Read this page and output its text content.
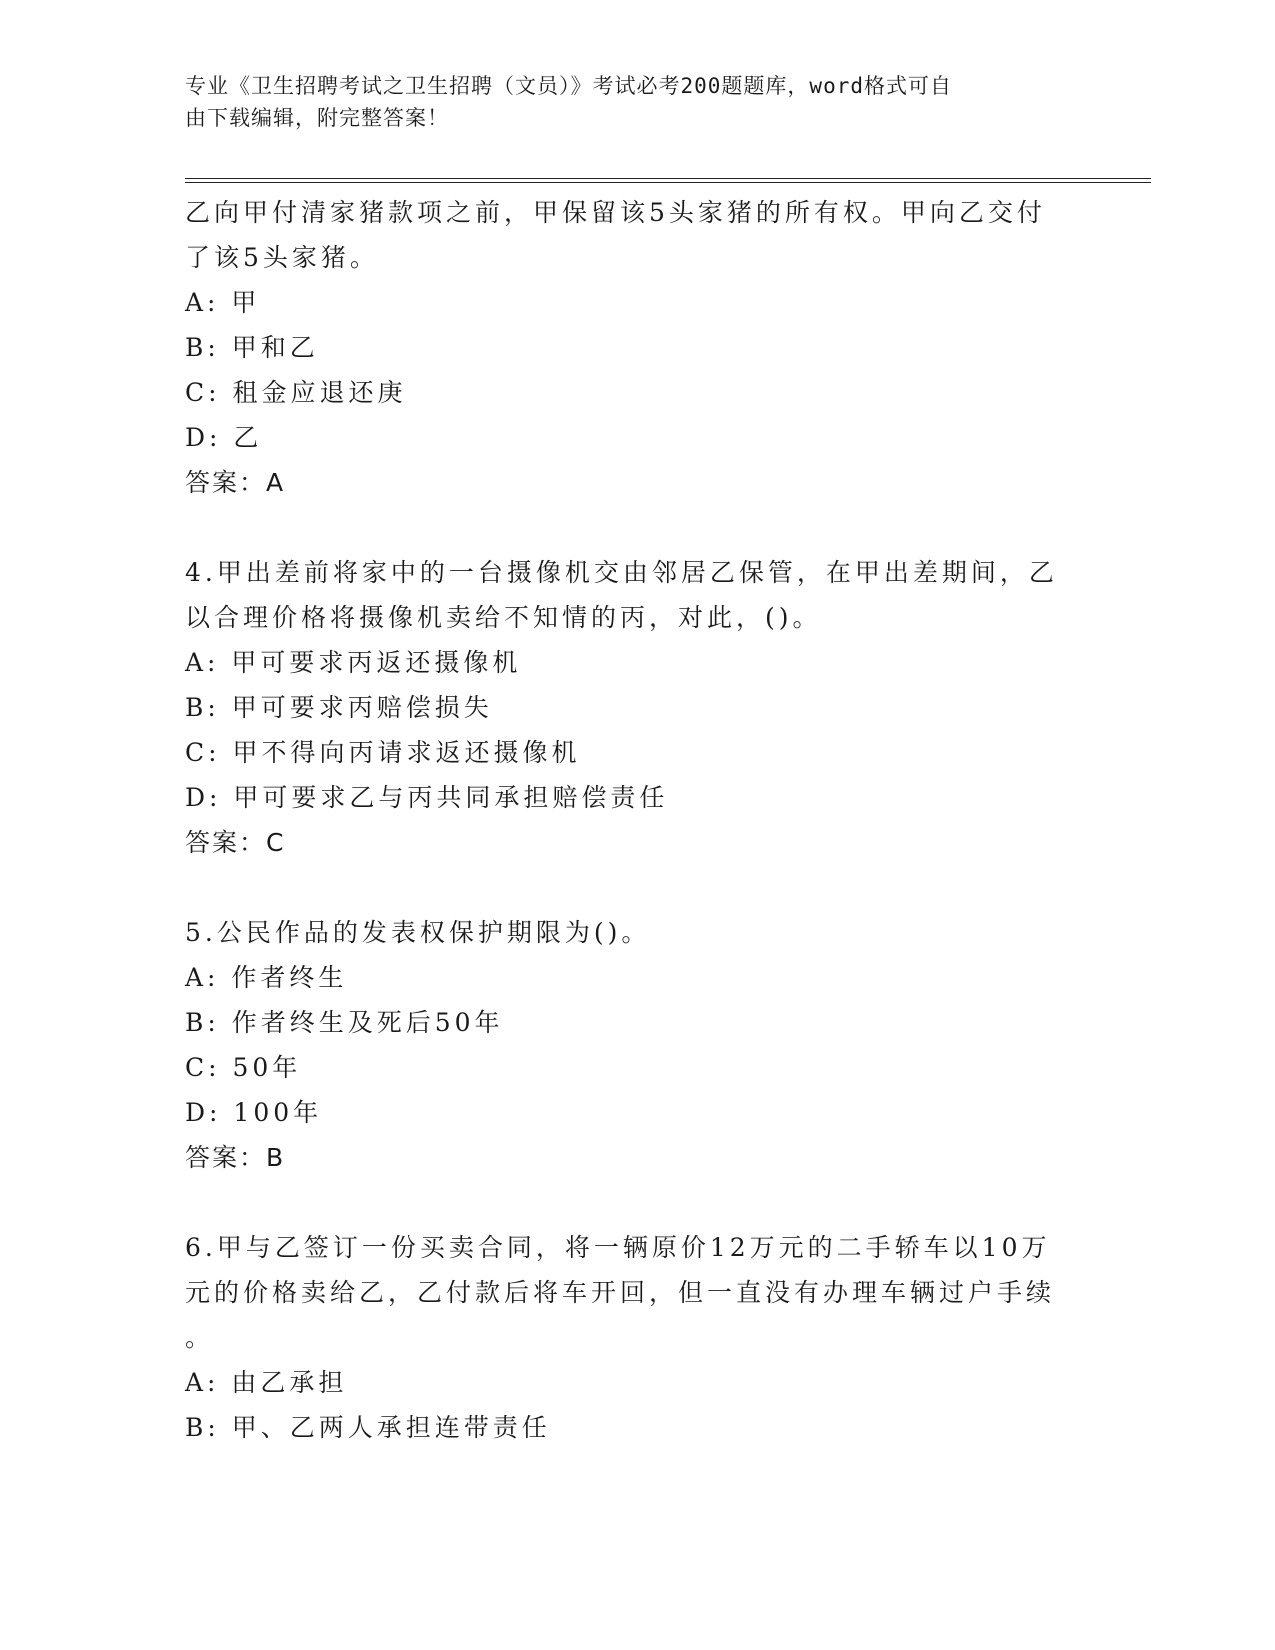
专业《卫生招聘考试之卫生招聘（文员）》考试必考200题题库，word格式可自
由下载编辑，附完整答案！

乙向甲付清家猪款项之前，甲保留该5头家猪的所有权。甲向乙交付

了该5头家猪。

A: 甲

B: 甲和乙

C: 租金应退还庚

D: 乙

答案：A

4.甲出差前将家中的一台摄像机交由邻居乙保管，在甲出差期间，乙

以合理价格将摄像机卖给不知情的丙，对此，()。

A: 甲可要求丙返还摄像机

B: 甲可要求丙赔偿损失

C: 甲不得向丙请求返还摄像机

D: 甲可要求乙与丙共同承担赔偿责任

答案：C

5.公民作品的发表权保护期限为()。

A: 作者终生

B: 作者终生及死后50年

C: 50年

D: 100年

答案：B

6.甲与乙签订一份买卖合同，将一辆原价12万元的二手轿车以10万

元的价格卖给乙，乙付款后将车开回，但一直没有办理车辆过户手续

。

A: 由乙承担

B: 甲、乙两人承担连带责任
